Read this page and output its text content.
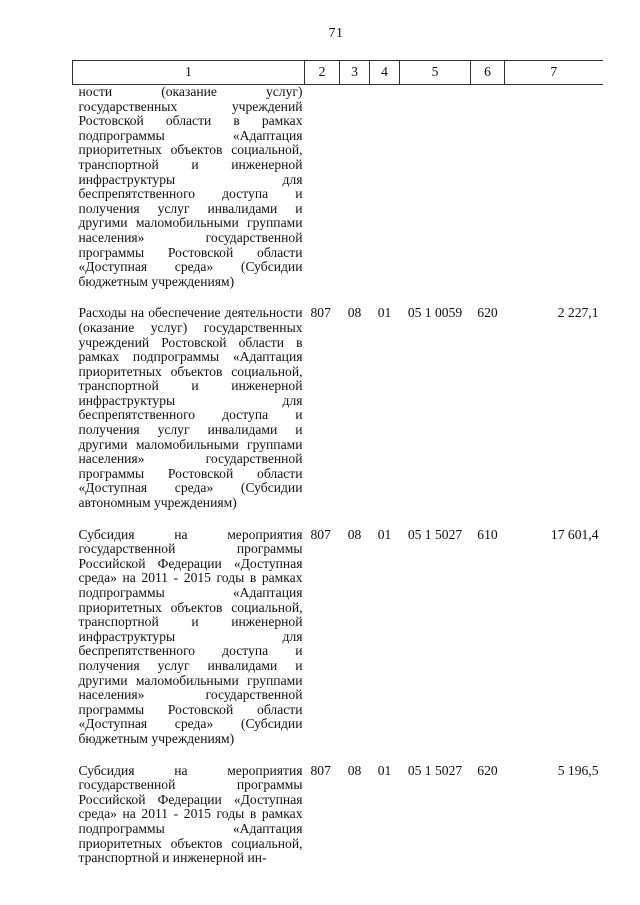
71
1	2	3	4	5	6	7
ности (оказание услуг) государственных учреждений Ростовской области в рамках подпрограммы «Адаптация приоритетных объектов социальной, транспортной и инженерной инфраструктуры для беспрепятственного доступа и получения услуг инвалидами и другими маломобильными группами населения» государственной программы Ростовской области «Доступная среда» (Субсидии бюджетным учреждениям)						
Расходы на обеспечение деятельности (оказание услуг) государственных учреждений Ростовской области в рамках подпрограммы «Адаптация приоритетных объектов социальной, транспортной и инженерной инфраструктуры для беспрепятственного доступа и получения услуг инвалидами и другими маломобильными группами населения» государственной программы Ростовской области «Доступная среда» (Субсидии автономным учреждениям)	807	08	01	05 1 0059	620	2 227,1
Субсидия на мероприятия государственной программы Российской Федерации «Доступная среда» на 2011 - 2015 годы в рамках подпрограммы «Адаптация приоритетных объектов социальной, транспортной и инженерной инфраструктуры для беспрепятственного доступа и получения услуг инвалидами и другими маломобильными группами населения» государственной программы Ростовской области «Доступная среда» (Субсидии бюджетным учреждениям)	807	08	01	05 1 5027	610	17 601,4
Субсидия на мероприятия государственной программы Российской Федерации «Доступная среда» на 2011 - 2015 годы в рамках подпрограммы «Адаптация приоритетных объектов социальной, транспортной и инженерной ин-	807	08	01	05 1 5027	620	5 196,5
